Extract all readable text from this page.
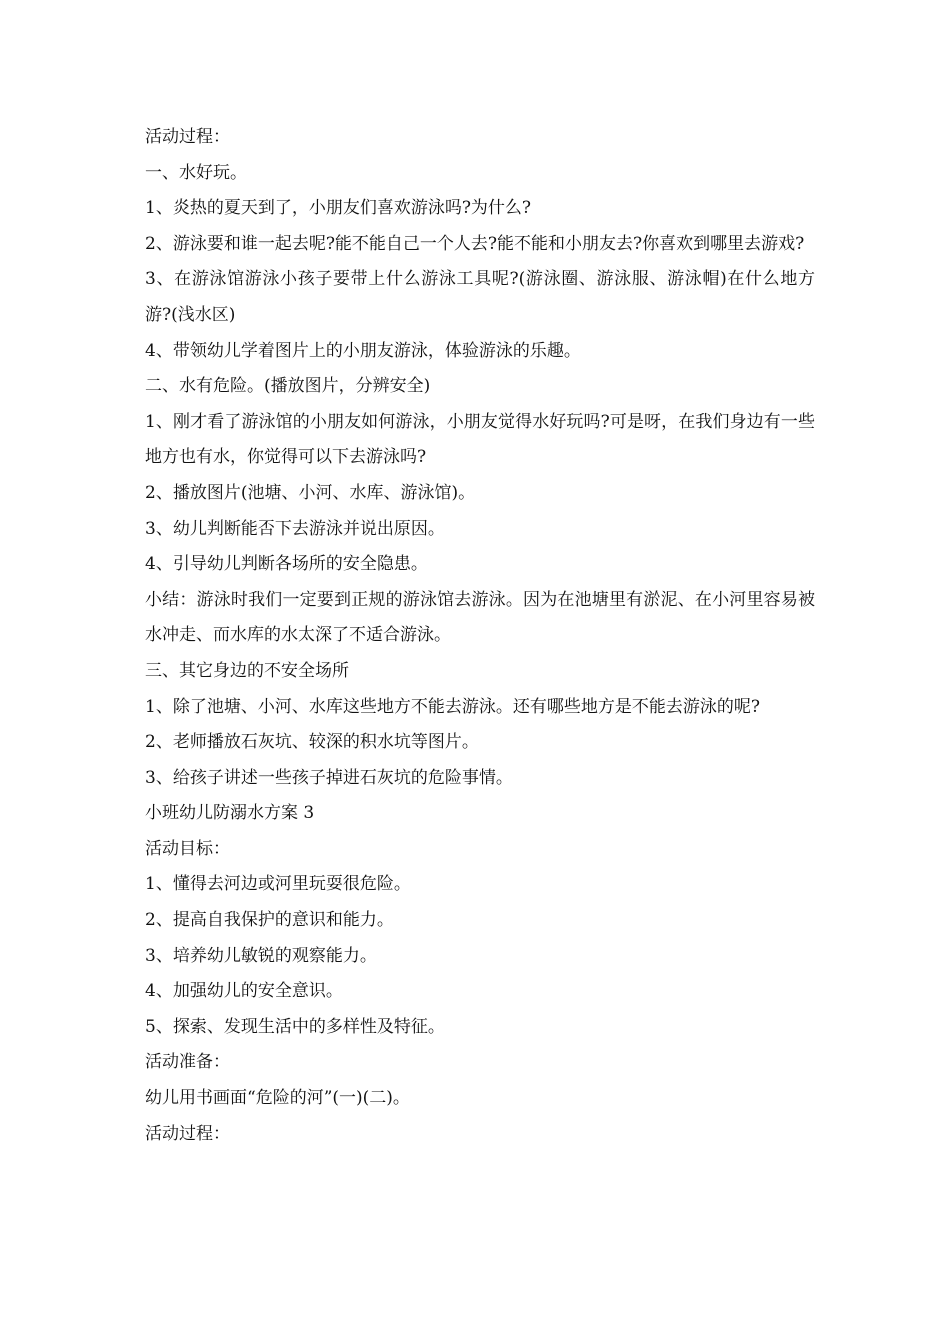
活动过程：

一、水好玩。

1、炎热的夏天到了，小朋友们喜欢游泳吗?为什么?

2、游泳要和谁一起去呢?能不能自己一个人去?能不能和小朋友去?你喜欢到哪里去游戏?

3、在游泳馆游泳小孩子要带上什么游泳工具呢?(游泳圈、游泳服、游泳帽)在什么地方游?(浅水区)

4、带领幼儿学着图片上的小朋友游泳，体验游泳的乐趣。

二、水有危险。(播放图片，分辨安全)

1、刚才看了游泳馆的小朋友如何游泳，小朋友觉得水好玩吗?可是呀，在我们身边有一些地方也有水，你觉得可以下去游泳吗?

2、播放图片(池塘、小河、水库、游泳馆)。

3、幼儿判断能否下去游泳并说出原因。

4、引导幼儿判断各场所的安全隐患。

小结：游泳时我们一定要到正规的游泳馆去游泳。因为在池塘里有淤泥、在小河里容易被水冲走、而水库的水太深了不适合游泳。

三、其它身边的不安全场所

1、除了池塘、小河、水库这些地方不能去游泳。还有哪些地方是不能去游泳的呢?

2、老师播放石灰坑、较深的积水坑等图片。

3、给孩子讲述一些孩子掉进石灰坑的危险事情。

小班幼儿防溺水方案 3

活动目标：

1、懂得去河边或河里玩耍很危险。

2、提高自我保护的意识和能力。

3、培养幼儿敏锐的观察能力。

4、加强幼儿的安全意识。

5、探索、发现生活中的多样性及特征。

活动准备：

幼儿用书画面“危险的河”(一)(二)。

活动过程：
